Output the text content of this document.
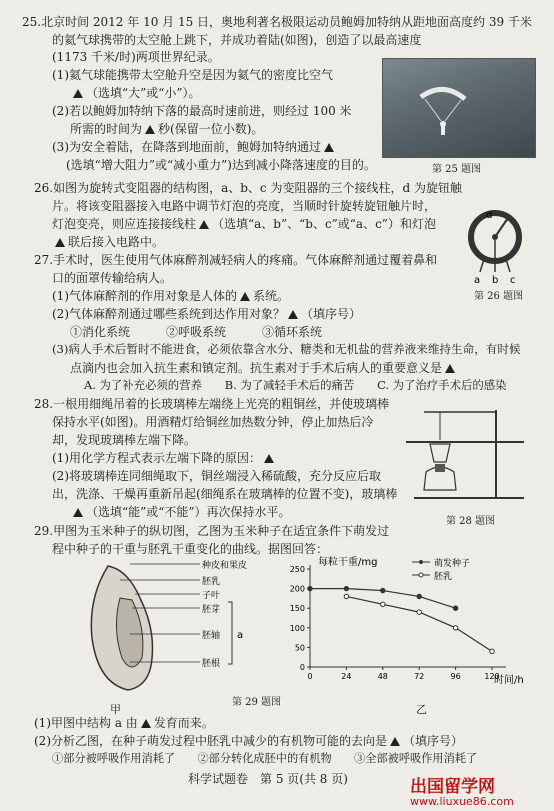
25.北京时间 2012 年 10 月 15 日，奥地利著名极限运动员鲍姆加特纳从距地面高度约 39 千米
的氦气球携带的太空舱上跳下，并成功着陆(如图)，创造了以最高速度
(1173 千米/时)两项世界纪录。
(1)氦气球能携带太空舱升空是因为氦气的密度比空气
（选填“大”或“小”）。
(2)若以鲍姆加特纳下落的最高时速前进，则经过 100 米
所需的时间为 秒(保留一位小数)。
(3)为安全着陆，在降落到地面前，鲍姆加特纳通过
(选填“增大阻力”或“减小重力”)达到减小降落速度的目的。	第 25 题图
26.如图为旋转式变阻器的结构图，a、b、c 为变阻器的三个接线柱，d 为旋钮触
片。将该变阻器接入电路中调节灯泡的亮度，当顺时针旋转旋钮触片时，
灯泡变亮，则应连接接线柱 （选填“a、b”、“b、c”或“a、c”）和灯泡
联后接入电路中。
d
a b c
第 26 题图
27.手术时，医生使用气体麻醉剂减轻病人的疼痛。气体麻醉剂通过覆着鼻和
口的面罩传输给病人。
(1)气体麻醉剂的作用对象是人体的 系统。
(2)气体麻醉剂通过哪些系统到达作用对象？ （填序号）
①消化系统　　　②呼吸系统　　　③循环系统
(3)病人手术后暂时不能进食，必须依靠含水分、糖类和无机盐的营养液来维持生命，有时候
点滴内也会加入抗生素和镇定剂。抗生素对于手术后病人的重要意义是
A. 为了补充必须的营养　　B. 为了减轻手术后的痛苦　　C. 为了治疗手术后的感染
28.一根用细绳吊着的长玻璃棒左端绕上光亮的粗铜丝，并使玻璃棒
保持水平(如图)。用酒精灯给铜丝加热数分钟，停止加热后冷
却，发现玻璃棒左端下降。
(1)用化学方程式表示左端下降的原因：
(2)将玻璃棒连同细绳取下，铜丝端浸入稀硫酸，充分反应后取
出，洗涤、干燥再重新吊起(细绳系在玻璃棒的位置不变)，玻璃棒
（选填“能”或“不能”）再次保持水平。
第 28 题图
29.甲图为玉米种子的纵切图，乙图为玉米种子在适宜条件下萌发过
程中种子的干重与胚乳干重变化的曲线。据图回答：
种皮和果皮
胚乳
子叶
胚芽
胚轴
胚根
a
甲
0
50
100
150
200
250
0	24	48	72	96	120
每粒干重/mg
时间/h
萌发种子
胚乳
乙
第 29 题图
(1)甲图中结构 a 由 发育而来。
(2)分析乙图，在种子萌发过程中胚乳中减少的有机物可能的去向是 （填序号）
①部分被呼吸作用消耗了　　②部分转化成胚中的有机物　　③全部被呼吸作用消耗了
科学试题卷　第 5 页(共 8 页)	出国留学网
www.liuxue86.com
